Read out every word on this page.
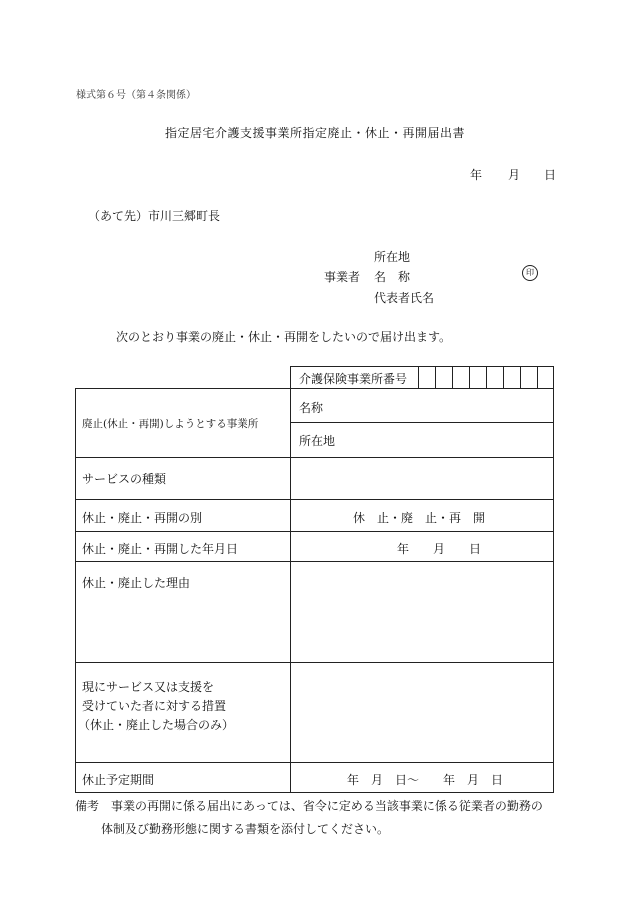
様式第６号（第４条関係）
指定居宅介護支援事業所指定廃止・休止・再開届出書
年 月 日
（あて先）市川三郷町長
所在地
事業者 名　称	印
代表者氏名
次のとおり事業の廃止・休止・再開をしたいので届け出ます。
介護保険事業所番号
廃止(休止・再開)しようとする事業所
名称
所在地
サービスの種類
休止・廃止・再開の別	休　止・廃　止・再　開
休止・廃止・再開した年月日	年　　月　　日
休止・廃止した理由
現にサービス又は支援を
受けていた者に対する措置
（休止・廃止した場合のみ）
休止予定期間	年　月　日～　　年　月　日
備考　事業の再開に係る届出にあっては、省令に定める当該事業に係る従業者の勤務の
体制及び勤務形態に関する書類を添付してください。
